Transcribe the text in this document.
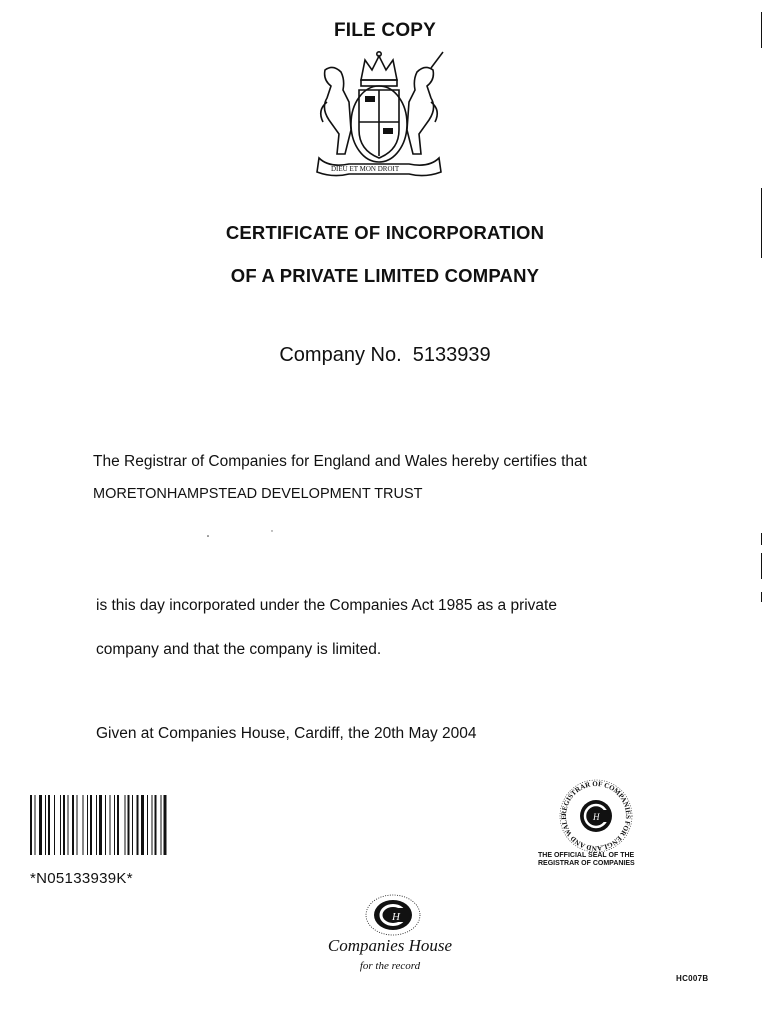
FILE COPY
DIEU ET MON DROIT
CERTIFICATE OF INCORPORATION
OF A PRIVATE LIMITED COMPANY
Company No. 5133939
The Registrar of Companies for England and Wales hereby certifies that
MORETONHAMPSTEAD DEVELOPMENT TRUST
is this day incorporated under the Companies Act 1985 as a private
company and that the company is limited.
Given at Companies House, Cardiff, the 20th May 2004
*N05133939K*
REGISTRAR OF COMPANIES FOR ENGLAND AND WALE	H
THE OFFICIAL SEAL OF THE
REGISTRAR OF COMPANIES
H
Companies House
for the record
HC007B
